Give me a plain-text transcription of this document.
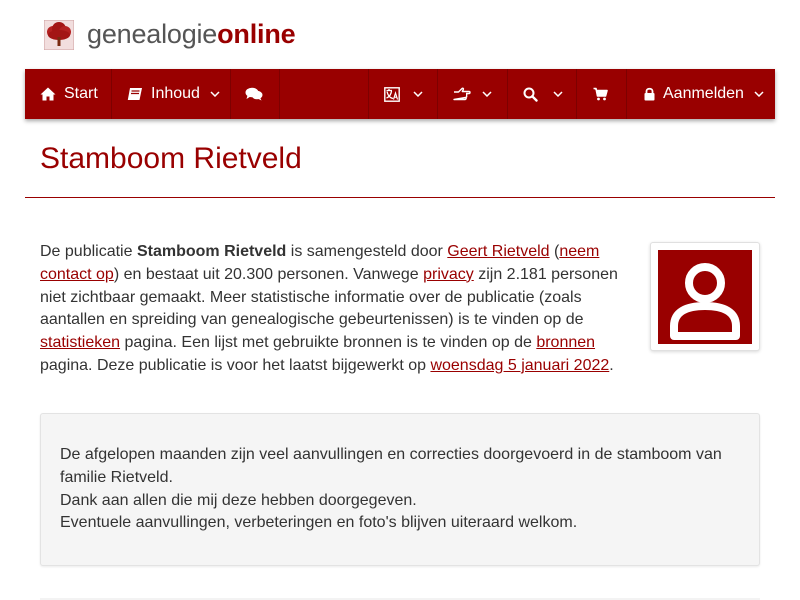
genealogieonline
Start	Inhoud	Aanmelden
Stamboom Rietveld

De publicatie Stamboom Rietveld is samengesteld door Geert Rietveld (neem contact op) en bestaat uit 20.300 personen. Vanwege privacy zijn 2.181 personen niet zichtbaar gemaakt. Meer statistische informatie over de publicatie (zoals aantallen en spreiding van genealogische gebeurtenissen) is te vinden op de statistieken pagina. Een lijst met gebruikte bronnen is te vinden op de bronnen pagina. Deze publicatie is voor het laatst bijgewerkt op woensdag 5 januari 2022.

De afgelopen maanden zijn veel aanvullingen en correcties doorgevoerd in de stamboom van familie Rietveld.
Dank aan allen die mij deze hebben doorgegeven.
Eventuele aanvullingen, verbeteringen en foto's blijven uiteraard welkom.
